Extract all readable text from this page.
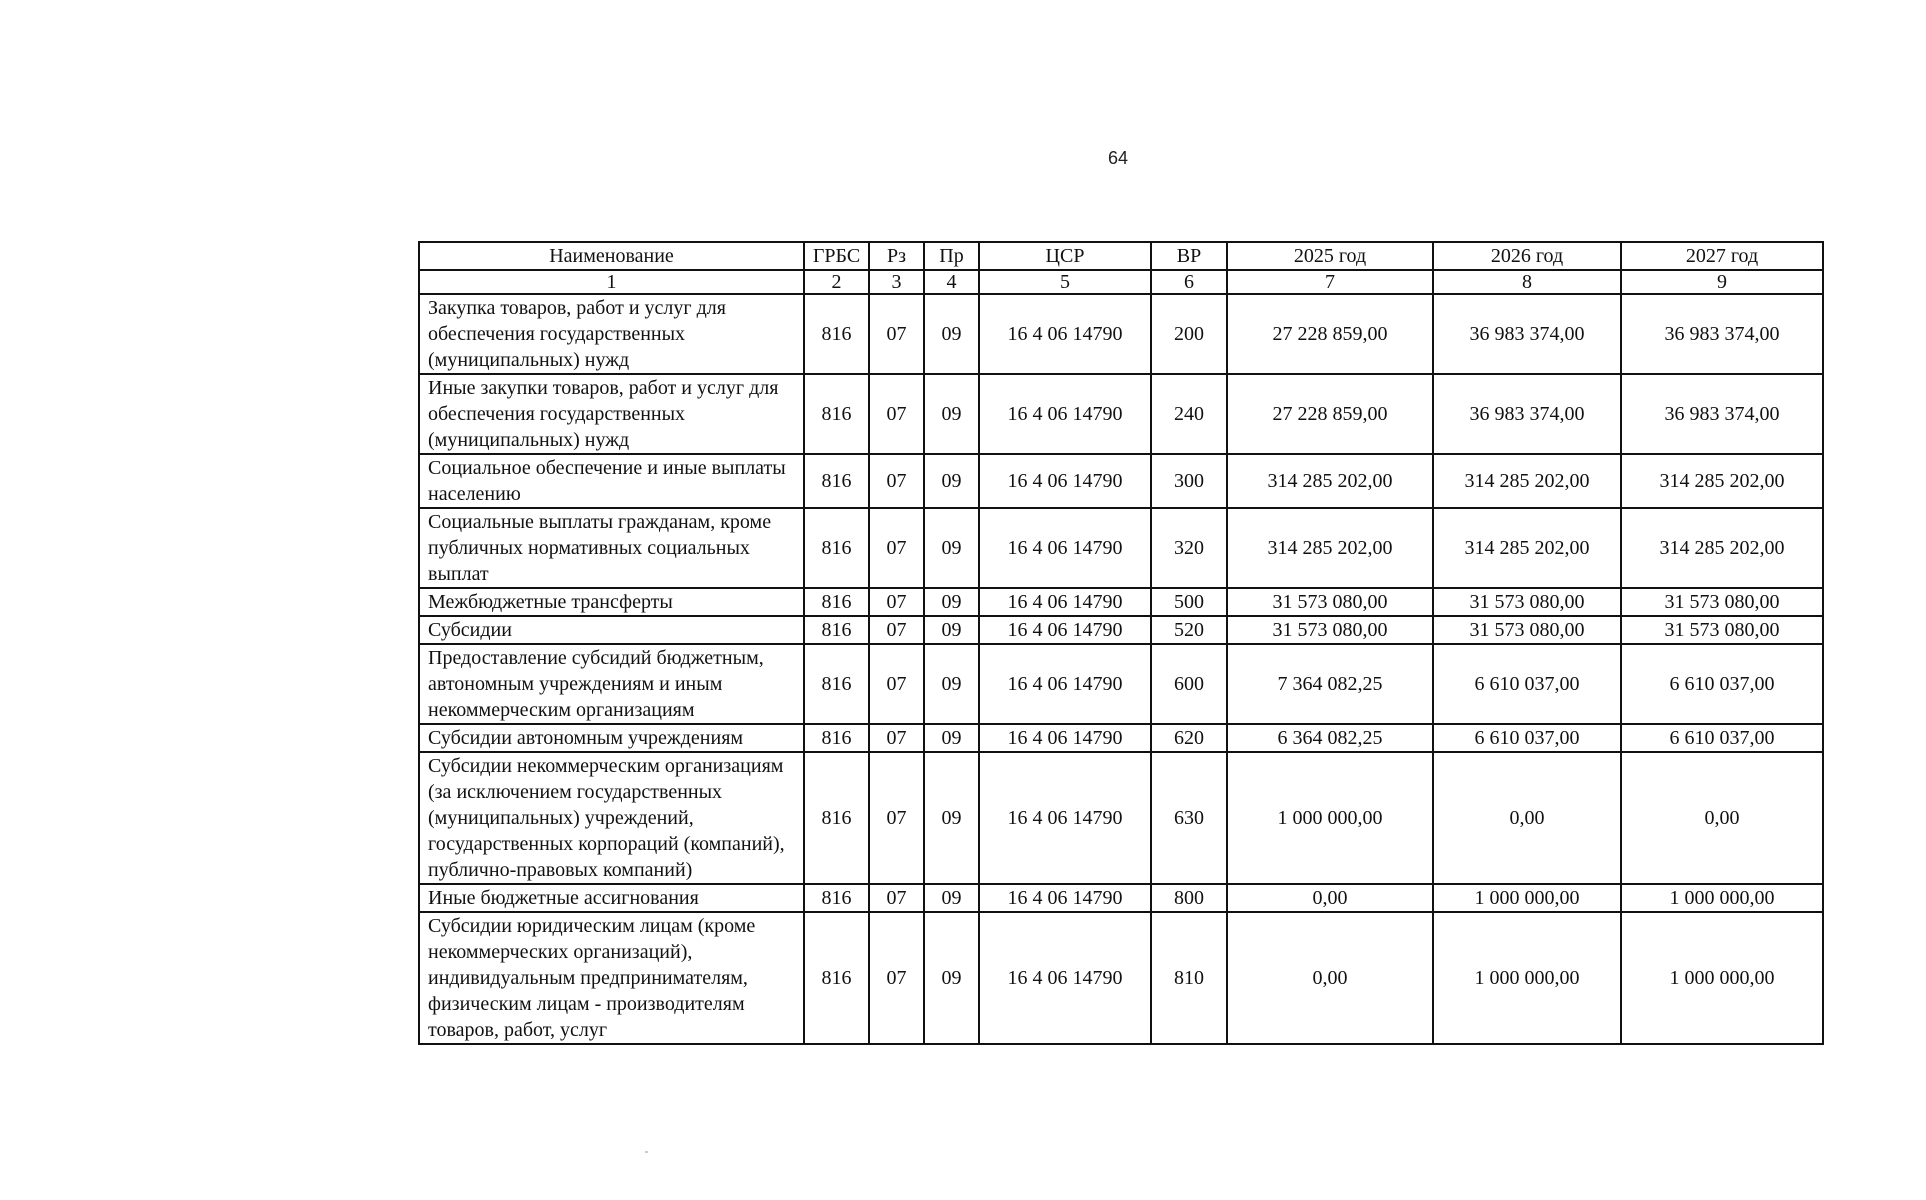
64
Наименование	ГРБС	Рз	Пр	ЦСР	ВР	2025 год	2026 год	2027 год
1	2	3	4	5	6	7	8	9
Закупка товаров, работ и услуг для обеспечения государственных (муниципальных) нужд	816	07	09	16 4 06 14790	200	27 228 859,00	36 983 374,00	36 983 374,00
Иные закупки товаров, работ и услуг для обеспечения государственных (муниципальных) нужд	816	07	09	16 4 06 14790	240	27 228 859,00	36 983 374,00	36 983 374,00
Социальное обеспечение и иные выплаты населению	816	07	09	16 4 06 14790	300	314 285 202,00	314 285 202,00	314 285 202,00
Социальные выплаты гражданам, кроме публичных нормативных социальных выплат	816	07	09	16 4 06 14790	320	314 285 202,00	314 285 202,00	314 285 202,00
Межбюджетные трансферты	816	07	09	16 4 06 14790	500	31 573 080,00	31 573 080,00	31 573 080,00
Субсидии	816	07	09	16 4 06 14790	520	31 573 080,00	31 573 080,00	31 573 080,00
Предоставление субсидий бюджетным, автономным учреждениям и иным некоммерческим организациям	816	07	09	16 4 06 14790	600	7 364 082,25	6 610 037,00	6 610 037,00
Субсидии автономным учреждениям	816	07	09	16 4 06 14790	620	6 364 082,25	6 610 037,00	6 610 037,00
Субсидии некоммерческим организациям (за исключением государственных (муниципальных) учреждений, государственных корпораций (компаний), публично-правовых компаний)	816	07	09	16 4 06 14790	630	1 000 000,00	0,00	0,00
Иные бюджетные ассигнования	816	07	09	16 4 06 14790	800	0,00	1 000 000,00	1 000 000,00
Субсидии юридическим лицам (кроме некоммерческих организаций), индивидуальным предпринимателям, физическим лицам - производителям товаров, работ, услуг	816	07	09	16 4 06 14790	810	0,00	1 000 000,00	1 000 000,00
